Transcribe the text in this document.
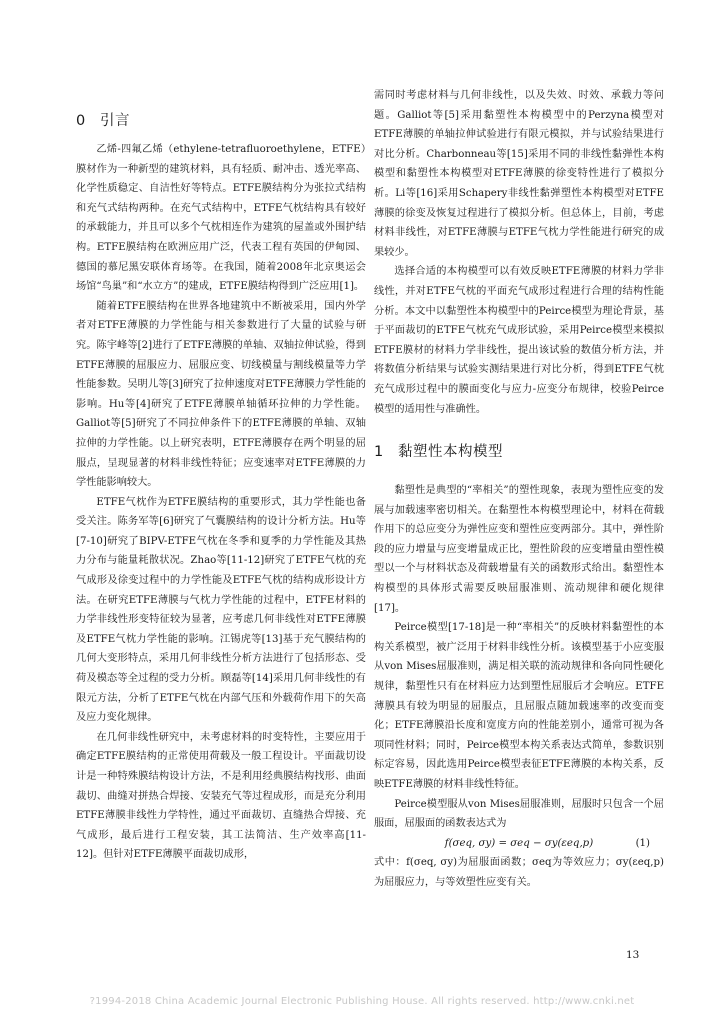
0 引言

乙烯-四氟乙烯（ethylene-tetrafluoroethylene，ETFE）膜材作为一种新型的建筑材料，具有轻质、耐冲击、透光率高、化学性质稳定、自洁性好等特点。ETFE膜结构分为张拉式结构和充气式结构两种。在充气式结构中，ETFE气枕结构具有较好的承载能力，并且可以多个气枕相连作为建筑的屋盖或外围护结构。ETFE膜结构在欧洲应用广泛，代表工程有英国的伊甸园、德国的慕尼黑安联体育场等。在我国，随着2008年北京奥运会场馆“鸟巢”和“水立方”的建成，ETFE膜结构得到广泛应用[1]。

随着ETFE膜结构在世界各地建筑中不断被采用，国内外学者对ETFE薄膜的力学性能与相关参数进行了大量的试验与研究。陈宇峰等[2]进行了ETFE薄膜的单轴、双轴拉伸试验，得到ETFE薄膜的屈服应力、屈服应变、切线模量与割线模量等力学性能参数。吴明儿等[3]研究了拉伸速度对ETFE薄膜力学性能的影响。Hu等[4]研究了ETFE薄膜单轴循环拉伸的力学性能。Galliot等[5]研究了不同拉伸条件下的ETFE薄膜的单轴、双轴拉伸的力学性能。以上研究表明，ETFE薄膜存在两个明显的屈服点，呈现显著的材料非线性特征；应变速率对ETFE薄膜的力学性能影响较大。

ETFE气枕作为ETFE膜结构的重要形式，其力学性能也备受关注。陈务军等[6]研究了气囊膜结构的设计分析方法。Hu等[7-10]研究了BIPV-ETFE气枕在冬季和夏季的力学性能及其热力分布与能量耗散状况。Zhao等[11-12]研究了ETFE气枕的充气成形及徐变过程中的力学性能及ETFE气枕的结构成形设计方法。在研究ETFE薄膜与气枕力学性能的过程中，ETFE材料的力学非线性形变特征较为显著，应考虑几何非线性对ETFE薄膜及ETFE气枕力学性能的影响。江锡虎等[13]基于充气膜结构的几何大变形特点，采用几何非线性分析方法进行了包括形态、受荷及模态等全过程的受力分析。顾磊等[14]采用几何非线性的有限元方法，分析了ETFE气枕在内部气压和外载荷作用下的矢高及应力变化规律。

在几何非线性研究中，未考虑材料的时变特性，主要应用于确定ETFE膜结构的正常使用荷载及一般工程设计。平面裁切设计是一种特殊膜结构设计方法，不是利用经典膜结构找形、曲面裁切、曲缝对拼热合焊接、安装充气等过程成形，而是充分利用ETFE薄膜非线性力学特性，通过平面裁切、直缝热合焊接、充气成形，最后进行工程安装，其工法简洁、生产效率高[11-12]。但针对ETFE薄膜平面裁切成形，

需同时考虑材料与几何非线性，以及失效、时效、承载力等问题。Galliot等[5]采用黏塑性本构模型中的Perzyna模型对ETFE薄膜的单轴拉伸试验进行有限元模拟，并与试验结果进行对比分析。Charbonneau等[15]采用不同的非线性黏弹性本构模型和黏塑性本构模型对ETFE薄膜的徐变特性进行了模拟分析。Li等[16]采用Schapery非线性黏弹塑性本构模型对ETFE薄膜的徐变及恢复过程进行了模拟分析。但总体上，目前，考虑材料非线性，对ETFE薄膜与ETFE气枕力学性能进行研究的成果较少。

选择合适的本构模型可以有效反映ETFE薄膜的材料力学非线性，并对ETFE气枕的平面充气成形过程进行合理的结构性能分析。本文中以黏塑性本构模型中的Peirce模型为理论背景，基于平面裁切的ETFE气枕充气成形试验，采用Peirce模型来模拟ETFE膜材的材料力学非线性，提出该试验的数值分析方法，并将数值分析结果与试验实测结果进行对比分析，得到ETFE气枕充气成形过程中的膜面变化与应力-应变分布规律，校验Peirce模型的适用性与准确性。

1 黏塑性本构模型

黏塑性是典型的“率相关”的塑性现象，表现为塑性应变的发展与加载速率密切相关。在黏塑性本构模型理论中，材料在荷载作用下的总应变分为弹性应变和塑性应变两部分。其中，弹性阶段的应力增量与应变增量成正比，塑性阶段的应变增量由塑性模型以一个与材料状态及荷载增量有关的函数形式给出。黏塑性本构模型的具体形式需要反映屈服准则、流动规律和硬化规律[17]。

Peirce模型[17-18]是一种“率相关”的反映材料黏塑性的本构关系模型，被广泛用于材料非线性分析。该模型基于小应变服从von Mises屈服准则，满足相关联的流动规律和各向同性硬化规律，黏塑性只有在材料应力达到塑性屈服后才会响应。ETFE薄膜具有较为明显的屈服点，且屈服点随加载速率的改变而变化；ETFE薄膜沿长度和宽度方向的性能差别小，通常可视为各项同性材料；同时，Peirce模型本构关系表达式简单，参数识别标定容易，因此选用Peirce模型表征ETFE薄膜的本构关系，反映ETFE薄膜的材料非线性特征。

Peirce模型服从von Mises屈服准则，屈服时只包含一个屈服面，屈服面的函数表达式为

f(σeq, σy) = σeq − σy(εeq,p)	(1)

式中：f(σeq, σy)为屈服面函数；σeq为等效应力；σy(εeq,p)为屈服应力，与等效塑性应变有关。

13
?1994-2018 China Academic Journal Electronic Publishing House. All rights reserved. http://www.cnki.net
